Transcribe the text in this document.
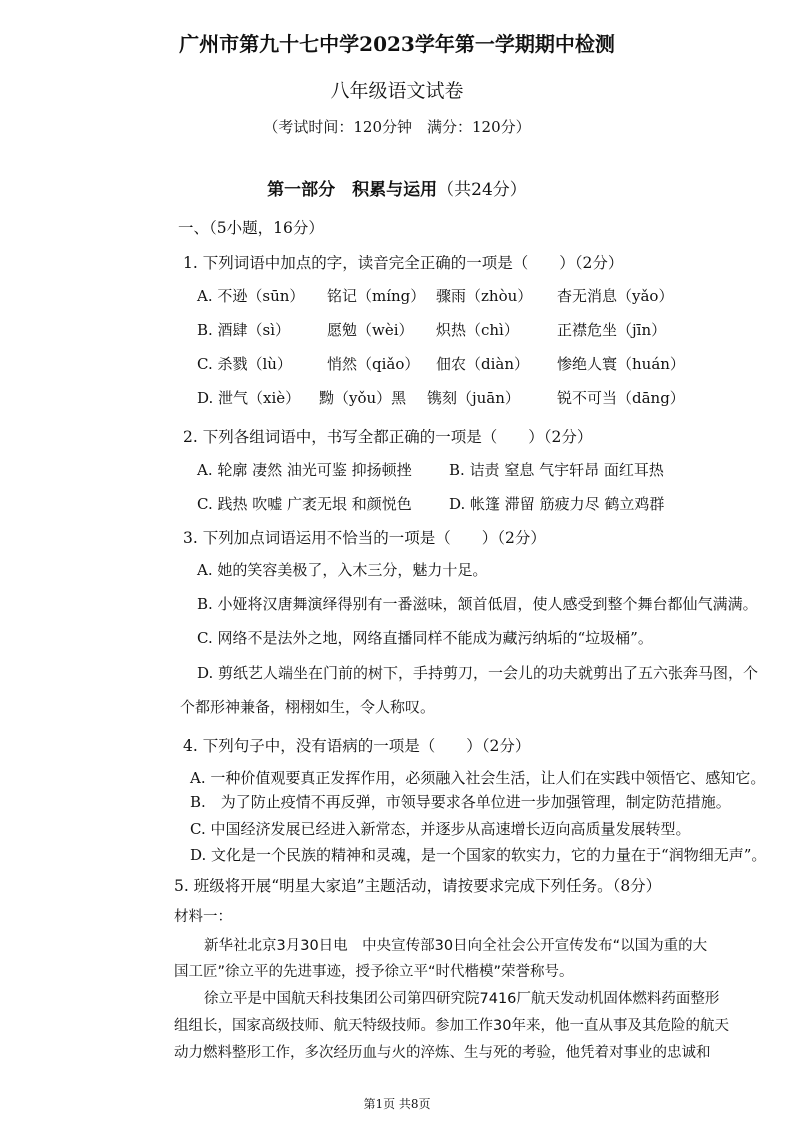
广州市第九十七中学2023学年第一学期期中检测
八年级语文试卷
（考试时间：120分钟　满分：120分）
第一部分　积累与运用（共24分）
一、（5小题，16分）
1. 下列词语中加点的字，读音完全正确的一项是（　　）（2分）
A. 不逊（sūn） 铭记（míng） 骤雨（zhòu） 杳无消息（yǎo）
B. 酒肆（sì） 愿勉（wèi） 炽热（chì）	正襟危坐（jīn）
C. 杀戮（lù） 悄然（qiǎo） 佃农（diàn） 惨绝人寰（huán）
D. 泄气（xiè） 黝（yǒu）黑 镌刻（juān） 锐不可当（dāng）
2. 下列各组词语中，书写全都正确的一项是（　　）（2分）
A. 轮廓 凄然 油光可鉴 抑扬顿挫 B. 诘责 窒息 气宇轩昂 面红耳热
C. 践热 吹嘘 广袤无垠 和颜悦色 D. 帐篷 滞留 筋疲力尽 鹤立鸡群
3. 下列加点词语运用不恰当的一项是（　　）（2分）
A. 她的笑容美极了，入木三分，魅力十足。
B. 小娅将汉唐舞演绎得别有一番滋味，颔首低眉，使人感受到整个舞台都仙气满满。
C. 网络不是法外之地，网络直播同样不能成为藏污纳垢的“垃圾桶”。
D. 剪纸艺人端坐在门前的树下，手持剪刀，一会儿的功夫就剪出了五六张奔马图，个
个都形神兼备，栩栩如生，令人称叹。
4. 下列句子中，没有语病的一项是（　　）（2分）
A. 一种价值观要真正发挥作用，必须融入社会生活，让人们在实践中领悟它、感知它。
B.　为了防止疫情不再反弹，市领导要求各单位进一步加强管理，制定防范措施。
C. 中国经济发展已经进入新常态，并逐步从高速增长迈向高质量发展转型。
D. 文化是一个民族的精神和灵魂，是一个国家的软实力，它的力量在于“润物细无声”。
5. 班级将开展“明星大家追”主题活动，请按要求完成下列任务。（8分）
材料一：
新华社北京3月30日电　中央宣传部30日向全社会公开宣传发布“以国为重的大
国工匠”徐立平的先进事迹，授予徐立平“时代楷模”荣誉称号。
徐立平是中国航天科技集团公司第四研究院7416厂航天发动机固体燃料药面整形
组组长，国家高级技师、航天特级技师。参加工作30年来，他一直从事及其危险的航天
动力燃料整形工作，多次经历血与火的淬炼、生与死的考验，他凭着对事业的忠诚和
第1页 共8页
